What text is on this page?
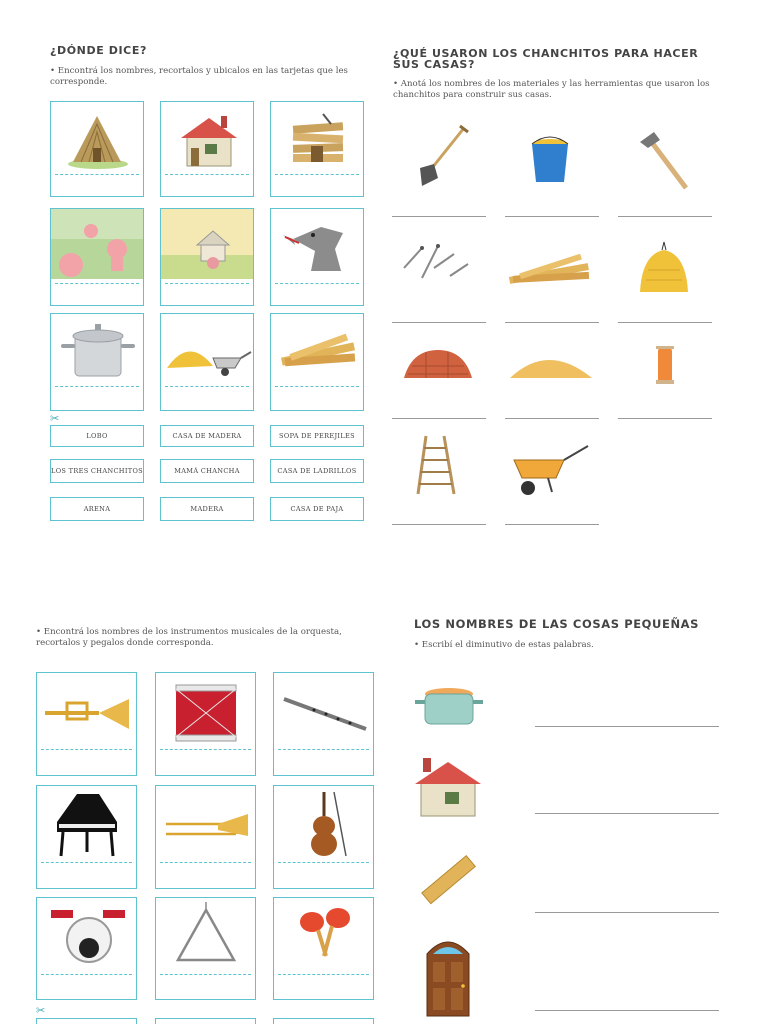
¿DÓNDE DICE?
• Encontrá los nombres, recortalos y ubicalos en las tarjetas que les corresponde.
✂
LOBO	CASA DE MADERA	SOPA DE PEREJILES
LOS TRES CHANCHITOS	MAMÁ CHANCHA	CASA DE LADRILLOS
ARENA	MADERA	CASA DE PAJA
¿QUÉ USARON LOS CHANCHITOS PARA HACER SUS CASAS?
• Anotá los nombres de los materiales y las herramientas que usaron los chanchitos para construir sus casas.
• Encontrá los nombres de los instrumentos musicales de la orquesta, recortalos y pegalos donde corresponda.
✂
LOS NOMBRES DE LAS COSAS PEQUEÑAS
• Escribí el diminutivo de estas palabras.
